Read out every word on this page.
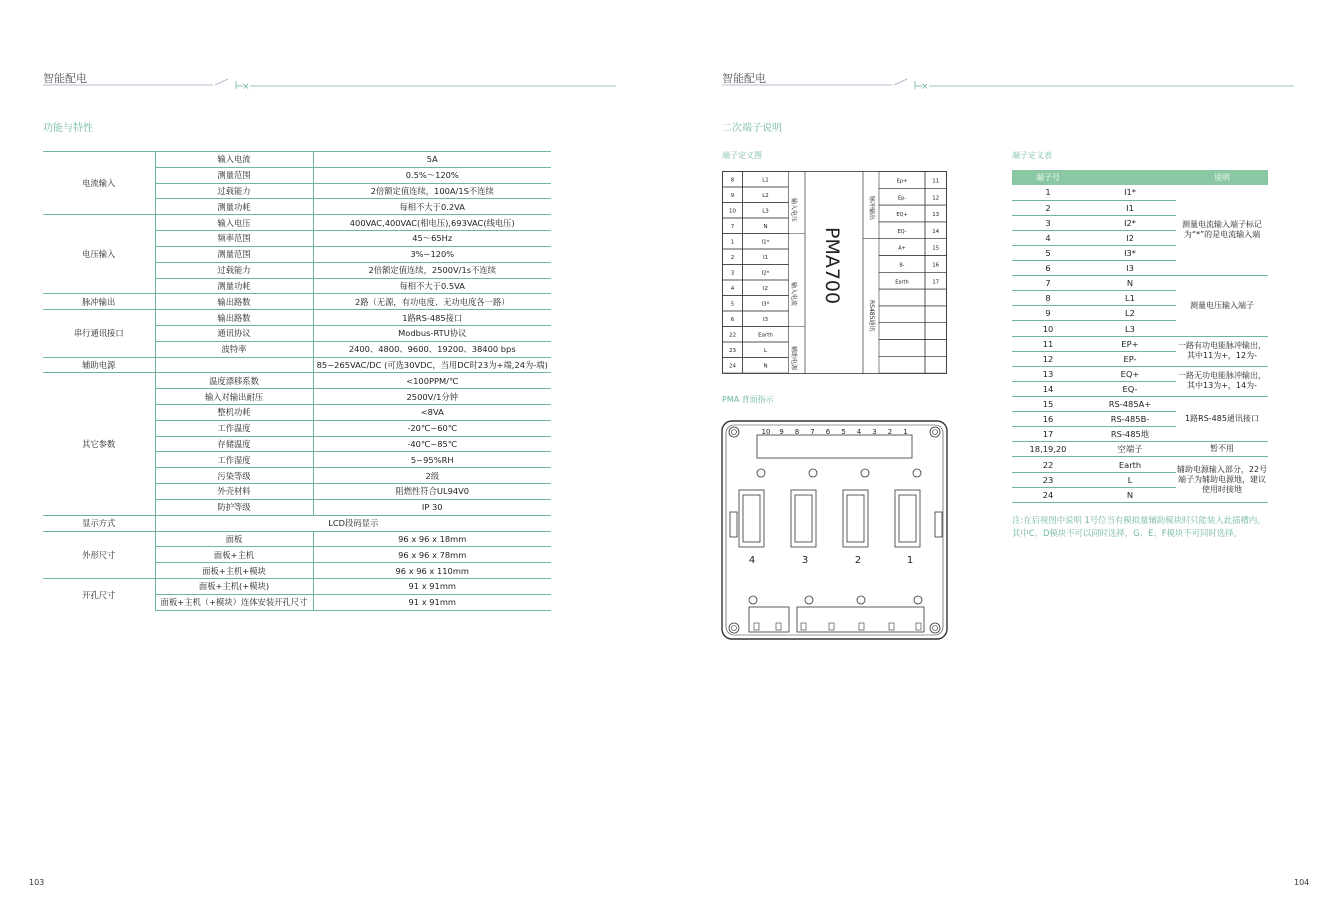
智能配电
×
功能与特性
电流输入	输入电流	5A
	测量范围	0.5%～120%
	过载能力	2倍额定值连续，100A/1S不连续
	测量功耗	每相不大于0.2VA
电压输入	输入电压	400VAC,400VAC(相电压),693VAC(线电压)
	频率范围	45～65Hz
	测量范围	3%~120%
	过载能力	2倍额定值连续，2500V/1s不连续
	测量功耗	每相不大于0.5VA
脉冲输出	输出路数	2路（无源，有功电度、无功电度各一路）
串行通讯接口	输出路数	1路RS-485接口
	通讯协议	Modbus-RTU协议
	波特率	2400、4800、9600、19200、38400 bps
辅助电源		85~265VAC/DC (可选30VDC，当用DC时23为+端,24为-端)
其它参数	温度漂移系数	<100PPM/℃
	输入对输出耐压	2500V/1分钟
	整机功耗	<8VA
	工作温度	-20℃~60℃
	存储温度	-40℃~85℃
	工作湿度	5~95%RH
	污染等级	2级
	外壳材料	阻燃性符合UL94V0
	防护等级	IP 30
显示方式	LCD段码显示	
外形尺寸	面板	96 x 96 x 18mm
	面板+主机	96 x 96 x 78mm
	面板+主机+模块	96 x 96 x 110mm
开孔尺寸	面板+主机(+模块)	91 x 91mm
	面板+主机（+模块）连体安装开孔尺寸	91 x 91mm
103
智能配电
×
二次端子说明
端子定义图	端子定义表
8	L1
9	L2
10	L3
7	N
1	I1*
2	I1
3	I2*
4	I2
5	I3*
6	I3
22	Earth
23	L
24	N
Ep+	11
Ep-	12
EQ+	13
EQ-	14
A+	15
B-	16
Earth	17
PMA700
输入电压
输入电流
辅助电源
脉冲输出
RS485通讯
PMA 背面指示
10 9 8 7 6 5 4 3 2 1
4	3	2	1
端子号		说明
1	I1*	测量电流输入端子标记为“*”的是电流输入端
2	I1	
3	I2*	
4	I2	
5	I3*	
6	I3	
7	N	测量电压输入端子
8	L1	
9	L2	
10	L3	
11	EP+	一路有功电能脉冲输出，其中11为+，12为-
12	EP-	
13	EQ+	一路无功电能脉冲输出，其中13为+，14为-
14	EQ-	
15	RS-485A+	1路RS-485通讯接口
16	RS-485B-	
17	RS-485地	
18,19,20	空端子	暂不用
22	Earth	辅助电源输入部分，22号端子为辅助电源地，建议使用时接地
23	L	
24	N	
注:在后视图中说明 1号位当有模拟量辅助模块时只能装入此插槽内。
其中C、D模块不可以同时选择，G、E、F模块不可同时选择。
104
